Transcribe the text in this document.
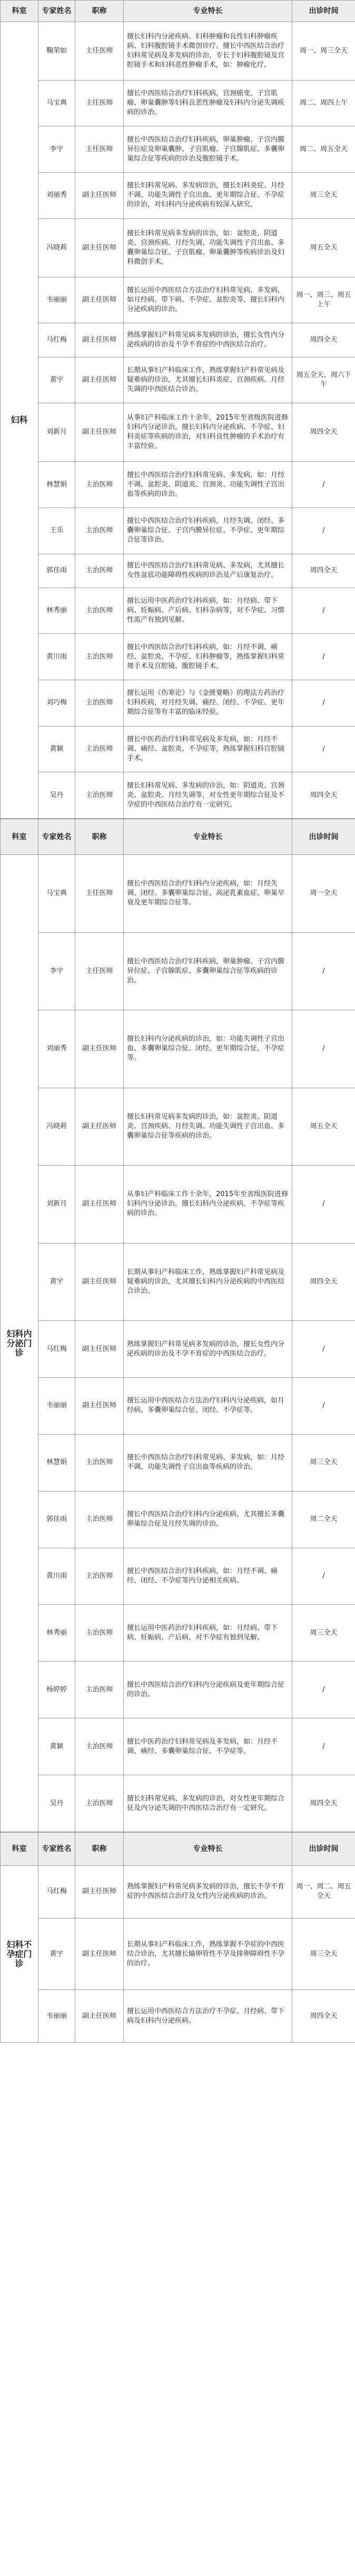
科室	专家姓名	职称	专业特长	出诊时间
妇科	鞠荣如	主任医师	擅长妇科内分泌疾病、妇科肿瘤和良性妇科肿瘤疾病、妇科腹腔镜手术微创诊疗。擅长中西医结合治疗妇科常见病及多发病的诊治，专长于妇科腹腔镜及宫腔镜手术和妇科恶性肿瘤手术，如：肿瘤化疗。	周一、周三全天
	马宝典	主任医师	擅长中西医结合治疗妇科疾病，宫颈癌变、子宫肌瘤、卵巢囊肿等妇科良恶性肿瘤及妇科内分泌失调疾病的诊治。	周二、周四上午
	李宇	主任医师	擅长中西医结合治疗妇科疾病，卵巢肿瘤、子宫内膜异位症及卵巢囊肿、子宫肌瘤、子宫腺肌症、多囊卵巢综合征等疾病的诊治及腹腔镜手术。	周二、周五全天
	刘丽秀	副主任医师	擅长妇科常见病、多发病诊治，擅长妇科炎症、月经不调、功能失调性子宫出血、更年期综合征、不孕症的诊治，对妇科内分泌疾病有较深入研究。	周三全天
	冯晓莉	副主任医师	擅长妇科常见病多发病的诊治，如：盆腔炎、阴道炎、宫颈疾病、月经失调、功能失调性子宫出血、多囊卵巢综合征、子宫肌瘤、卵巢囊肿等疾病诊治及妇科微创手术。	周五全天
	韦丽丽	副主任医师	擅长运用中西医结合方法治疗妇科常见病、多发病，如月经病、带下病、不孕症、盆腔炎等，擅长妇科内分泌疾病的诊治。	周一、周三、周五上午
	马红梅	副主任医师	熟练掌握妇产科常见病多发病的诊治，擅长女性内分泌疾病的诊治及不孕不育症的中西医结合治疗。	周四全天
	黄宇	副主任医师	长期从事妇产科临床工作，熟练掌握妇产科常见病及疑难病的诊治，尤其擅长妇科炎症、宫颈疾病、月经失调的中西医结合诊治。	周五全天、周六下午
	刘新月	副主任医师	从事妇产科临床工作十余年，2015年至省级医院进修妇科内分泌诊治，擅长妇科内分泌疾病、不孕症、妇科炎症等疾病的诊治，对妇科良性肿瘤的手术治疗有丰富经验。	周四全天
	林慧娟	主治医师	擅长中西医结合治疗妇科常见病、多发病，如：月经不调、盆腔炎、阴道炎、宫颈炎、功能失调性子宫出血等疾病的诊治。	/
	王乐	主治医师	擅长中西医结合治疗妇科疾病，月经失调、闭经、多囊卵巢综合征、子宫内膜异位症、不孕症、更年期综合征等诊治。	/
	郭佳雨	主治医师	擅长中西医结合治疗妇科常见病、多发病，尤其擅长女性盆底功能障碍性疾病的诊治及产后康复治疗。	周四全天
	林秀丽	主治医师	擅长运用中医药治疗妇科疾病，如：月经病、带下病、妊娠病、产后病、妇科杂病等，对不孕症、习惯性流产有独到见解。	/
	黄川雨	主治医师	擅长中西医结合治疗妇科疾病，如：月经不调、痛经、盆腔炎、不孕症、妇科肿瘤等，熟练掌握妇科常规手术及宫腔镜、腹腔镜手术。	/
	刘巧梅	主治医师	擅长运用《伤寒论》与《金匮要略》的理法方药治疗妇科疾病，对月经失调、痛经、闭经、不孕症、更年期综合征等有丰富的临床经验。	/
	黄颖	主治医师	擅长中医药治疗妇科常见病及多发病，如：月经不调、痛经、盆腔炎、不孕症等，熟练掌握妇科宫腔镜手术。	/
	吴丹	主治医师	擅长妇科常见病、多发病的诊治，如：阴道炎、宫颈炎、盆腔炎、月经失调等，对女性更年期综合征及不孕症的中西医结合治疗有一定研究。	周四全天
科室	专家姓名	职称	专业特长	出诊时间
妇科内分泌门诊	马宝典	主任医师	擅长中西医结合治疗妇科内分泌疾病，如：月经失调、闭经、多囊卵巢综合征、高泌乳素血症、卵巢早衰及更年期综合征等。	周一全天
	李宇	主任医师	擅长中西医结合治疗妇科疾病，卵巢肿瘤、子宫内膜异位症、子宫腺肌症、多囊卵巢综合征等疾病的诊治。	/
	刘丽秀	副主任医师	擅长妇科内分泌疾病的诊治，如：功能失调性子宫出血、多囊卵巢综合征、闭经、更年期综合征、不孕症等。	/
	冯晓莉	副主任医师	擅长妇科常见病多发病的诊治，如：盆腔炎、阴道炎、宫颈疾病、月经失调、功能失调性子宫出血、多囊卵巢综合征等疾病的诊治。	周五全天
	刘新月	副主任医师	从事妇产科临床工作十余年，2015年至省级医院进修妇科内分泌诊治，擅长妇科内分泌疾病、不孕症等疾病的诊治。	/
	黄宇	副主任医师	长期从事妇产科临床工作，熟练掌握妇产科常见病及疑难病的诊治，尤其擅长妇科内分泌疾病的中西医结合诊治。	周四全天
	马红梅	副主任医师	熟练掌握妇产科常见病多发病的诊治，擅长女性内分泌疾病的诊治及不孕不育症的中西医结合治疗。	/
	韦丽丽	副主任医师	擅长运用中西医结合方法治疗妇科内分泌疾病，如月经病、多囊卵巢综合征、闭经、不孕症等。	/
	林慧娟	主治医师	擅长中西医结合治疗妇科常见病、多发病，如：月经不调、功能失调性子宫出血等疾病的诊治。	周三全天
	郭佳雨	主治医师	擅长中西医结合治疗妇科内分泌疾病，尤其擅长多囊卵巢综合征及月经失调的诊治。	周二全天
	黄川雨	主治医师	擅长中西医结合治疗妇科疾病，如：月经不调、痛经、闭经、不孕症等内分泌相关疾病。	/
	林秀丽	主治医师	擅长运用中医药治疗妇科疾病，如：月经病、带下病、妊娠病、产后病，对不孕症有独到见解。	周三全天
	杨婷婷	主治医师	擅长中西医结合治疗妇科内分泌疾病及更年期综合征的诊治。	/
	黄颖	主治医师	擅长中医药治疗妇科常见病及多发病，如：月经不调、痛经、多囊卵巢综合征、不孕症等。	/
	吴丹	主治医师	擅长妇科常见病、多发病的诊治，对女性更年期综合征及内分泌失调的中西医结合治疗有一定研究。	周四全天
科室	专家姓名	职称	专业特长	出诊时间
妇科不孕症门诊	马红梅	副主任医师	熟练掌握妇产科常见病多发病的诊治，擅长不孕不育症的中西医结合治疗及女性内分泌疾病的诊治。	周一、周二、周五全天
	黄宇	副主任医师	长期从事妇产科临床工作，熟练掌握不孕症的中西医结合诊治，尤其擅长输卵管性不孕及排卵障碍性不孕的治疗。	周三全天
	韦丽丽	副主任医师	擅长运用中西医结合方法治疗不孕症、月经病、带下病及妇科内分泌疾病。	周四全天
